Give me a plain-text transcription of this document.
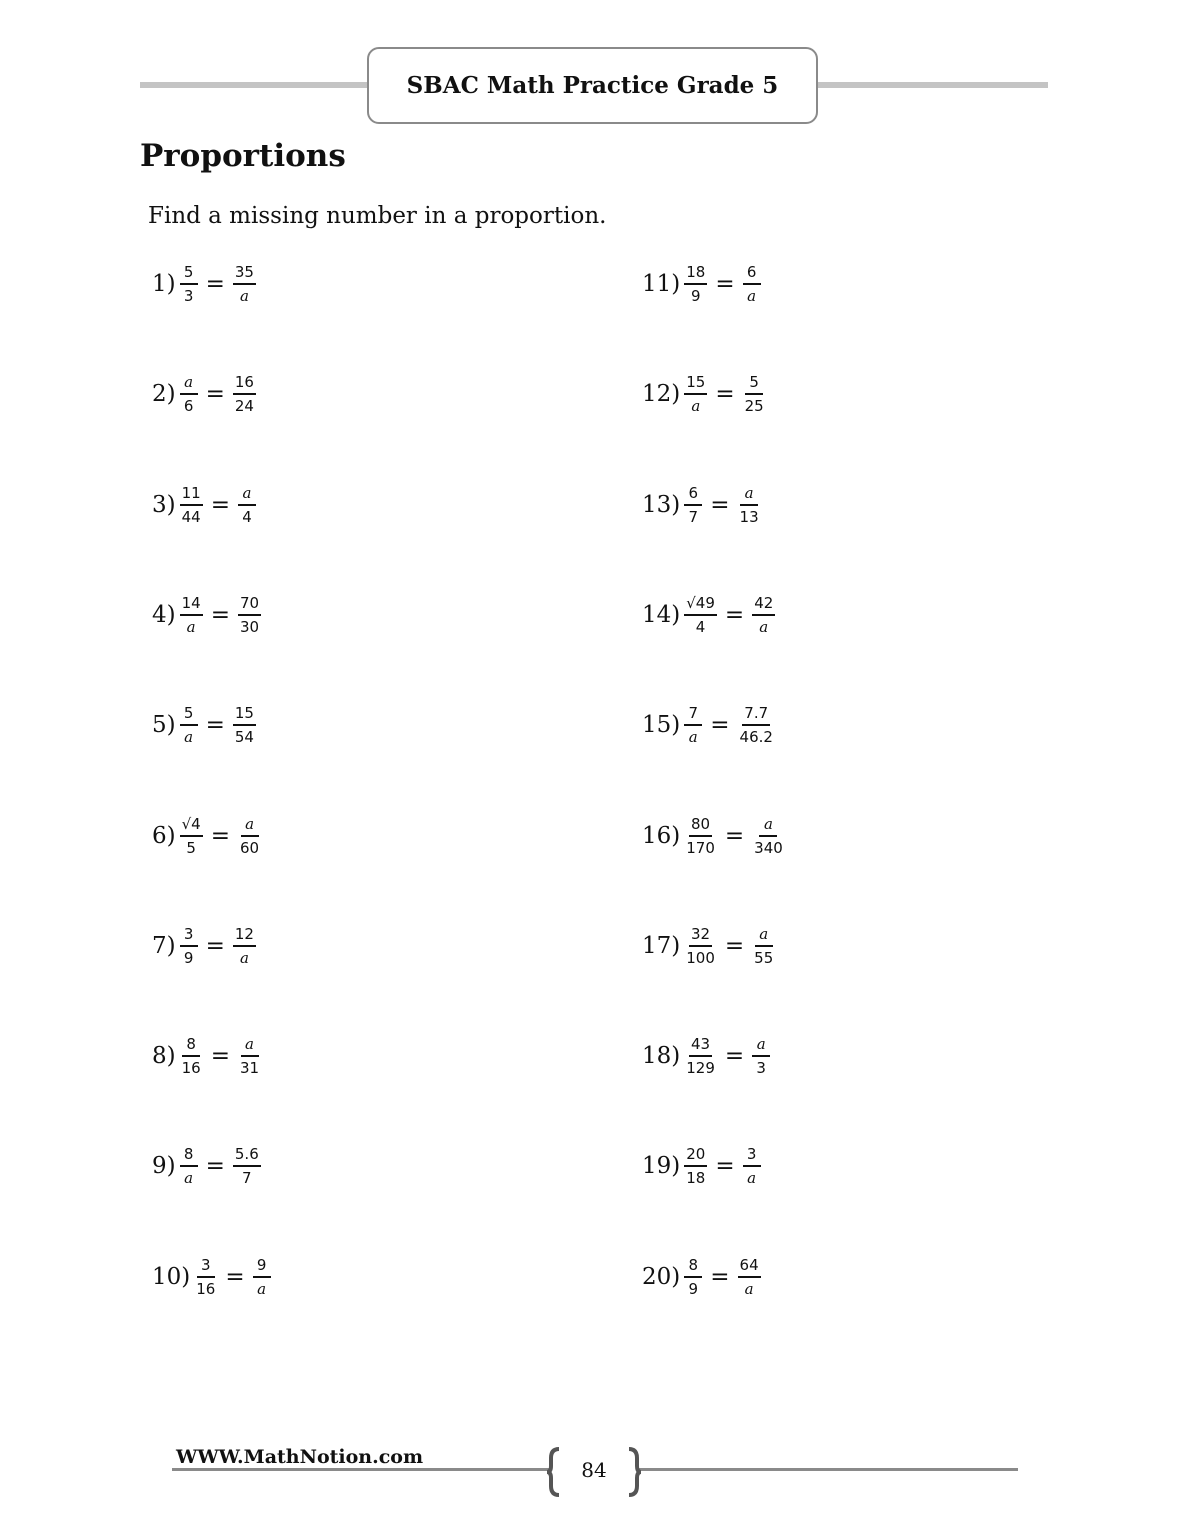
SBAC Math Practice Grade 5
Proportions

Find a missing number in a proportion.

$1) \frac{5}{3} = \frac{35}{a}$
$2) \frac{a}{6} = \frac{16}{24}$
$3) \frac{11}{44} = \frac{a}{4}$
$4) \frac{14}{a} = \frac{70}{30}$
$5) \frac{5}{a} = \frac{15}{54}$
$6) \frac{√4}{5} = \frac{a}{60}$
$7) \frac{3}{9} = \frac{12}{a}$
$8) \frac{8}{16} = \frac{a}{31}$
$9) \frac{8}{a} = \frac{5.6}{7}$
$10) \frac{3}{16} = \frac{9}{a}$
$11) \frac{18}{9} = \frac{6}{a}$
$12) \frac{15}{a} = \frac{5}{25}$
$13) \frac{6}{7} = \frac{a}{13}$
$14) \frac{√49}{4} = \frac{42}{a}$
$15) \frac{7}{a} = \frac{7.7}{46.2}$
$16) \frac{80}{170} = \frac{a}{340}$
$17) \frac{32}{100} = \frac{a}{55}$
$18) \frac{43}{129} = \frac{a}{3}$
$19) \frac{20}{18} = \frac{3}{a}$
$20) \frac{8}{9} = \frac{64}{a}$
WWW.MathNotion.com
84
